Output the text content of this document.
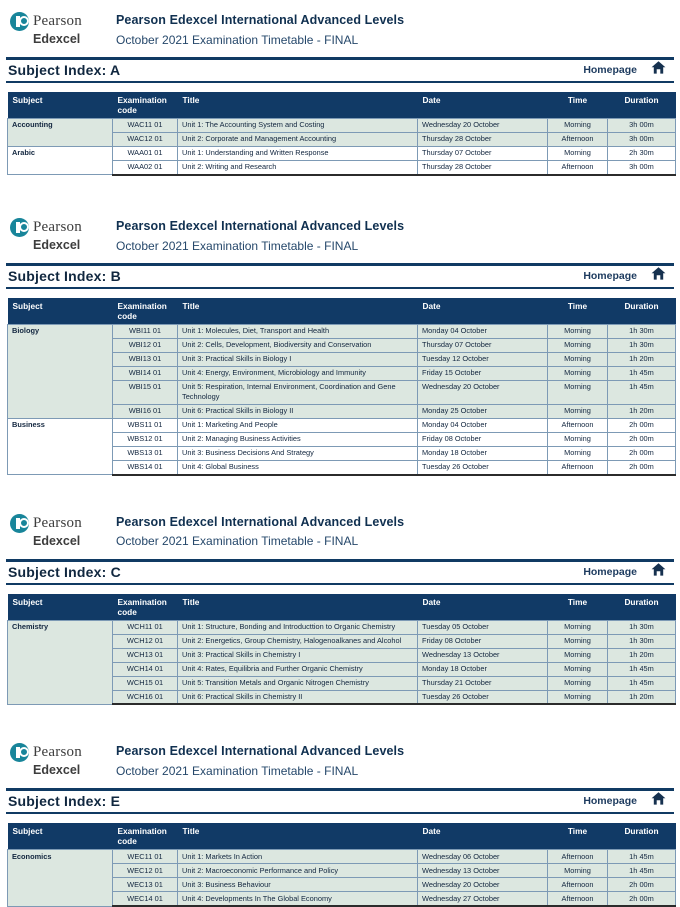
Pearson
Edexcel
Pearson Edexcel International Advanced Levels
October 2021 Examination Timetable - FINAL
Subject Index: A	Homepage
Subject	Examination
code	Title	Date	Time	Duration
Accounting	WAC11 01	Unit 1: The Accounting System and Costing	Wednesday 20 October	Morning	3h 00m
	WAC12 01	Unit 2: Corporate and Management Accounting	Thursday 28 October	Afternoon	3h 00m
Arabic	WAA01 01	Unit 1: Understanding and Written Response	Thursday 07 October	Morning	2h 30m
	WAA02 01	Unit 2: Writing and Research	Thursday 28 October	Afternoon	3h 00m
Pearson
Edexcel
Pearson Edexcel International Advanced Levels
October 2021 Examination Timetable - FINAL
Subject Index: B	Homepage
Subject	Examination
code	Title	Date	Time	Duration
Biology	WBI11 01	Unit 1: Molecules, Diet, Transport and Health	Monday 04 October	Morning	1h 30m
	WBI12 01	Unit 2: Cells, Development, Biodiversity and Conservation	Thursday 07 October	Morning	1h 30m
	WBI13 01	Unit 3: Practical Skills in Biology I	Tuesday 12 October	Morning	1h 20m
	WBI14 01	Unit 4: Energy, Environment, Microbiology and Immunity	Friday 15 October	Morning	1h 45m
	WBI15 01	Unit 5: Respiration, Internal Environment, Coordination and Gene Technology	Wednesday 20 October	Morning	1h 45m
	WBI16 01	Unit 6: Practical Skills in Biology II	Monday 25 October	Morning	1h 20m
Business	WBS11 01	Unit 1: Marketing And People	Monday 04 October	Afternoon	2h 00m
	WBS12 01	Unit 2: Managing Business Activities	Friday 08 October	Morning	2h 00m
	WBS13 01	Unit 3: Business Decisions And Strategy	Monday 18 October	Morning	2h 00m
	WBS14 01	Unit 4: Global Business	Tuesday 26 October	Afternoon	2h 00m
Pearson
Edexcel
Pearson Edexcel International Advanced Levels
October 2021 Examination Timetable - FINAL
Subject Index: C	Homepage
Subject	Examination
code	Title	Date	Time	Duration
Chemistry	WCH11 01	Unit 1: Structure, Bonding and Introducttion to Organic Chemistry	Tuesday 05 October	Morning	1h 30m
	WCH12 01	Unit 2: Energetics, Group Chemistry, Halogenoalkanes and Alcohol	Friday 08 October	Morning	1h 30m
	WCH13 01	Unit 3: Practical Skills in Chemistry I	Wednesday 13 October	Morning	1h 20m
	WCH14 01	Unit 4: Rates, Equilibria and Further Organic Chemistry	Monday 18 October	Morning	1h 45m
	WCH15 01	Unit 5: Transition Metals and Organic Nitrogen Chemistry	Thursday 21 October	Morning	1h 45m
	WCH16 01	Unit 6: Practical Skills in Chemistry II	Tuesday 26 October	Morning	1h 20m
Pearson
Edexcel
Pearson Edexcel International Advanced Levels
October 2021 Examination Timetable - FINAL
Subject Index: E	Homepage
Subject	Examination
code	Title	Date	Time	Duration
Economics	WEC11 01	Unit 1: Markets In Action	Wednesday 06 October	Afternoon	1h 45m
	WEC12 01	Unit 2: Macroeconomic Performance and Policy	Wednesday 13 October	Morning	1h 45m
	WEC13 01	Unit 3: Business Behaviour	Wednesday 20 October	Afternoon	2h 00m
	WEC14 01	Unit 4: Developments In The Global Economy	Wednesday 27 October	Afternoon	2h 00m
